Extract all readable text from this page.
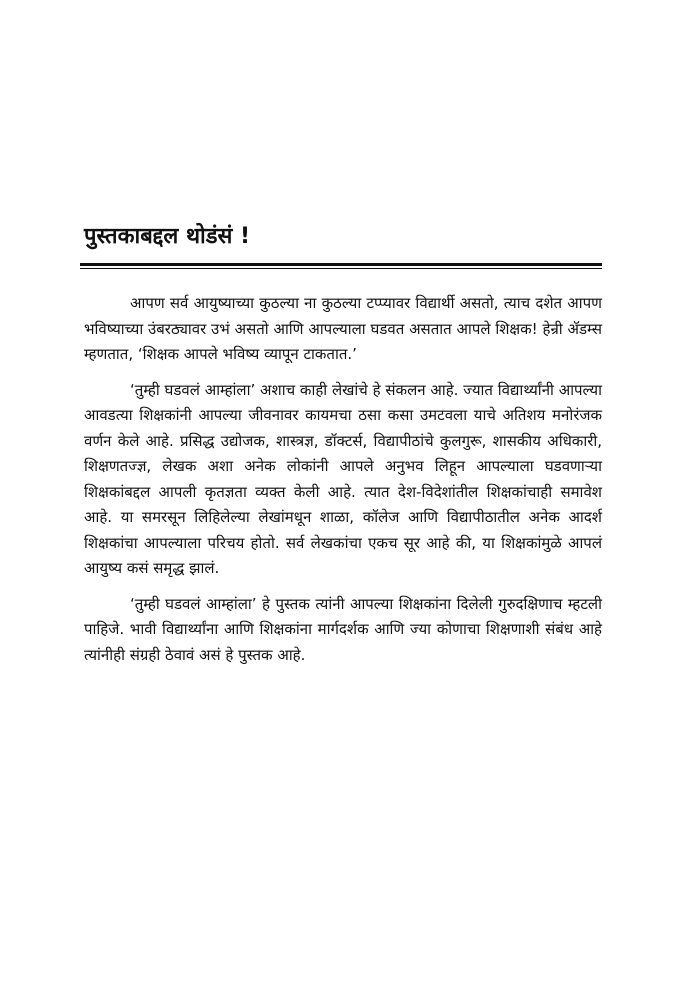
पुस्तकाबद्दल थोडंसं !

आपण सर्व आयुष्याच्या कुठल्या ना कुठल्या टप्प्यावर विद्यार्थी असतो, त्याच दशेत आपण भविष्याच्या उंबरठ्यावर उभं असतो आणि आपल्याला घडवत असतात आपले शिक्षक! हेन्री ॲडम्स म्हणतात, ‘शिक्षक आपले भविष्य व्यापून टाकतात.’

‘तुम्ही घडवलं आम्हांला’ अशाच काही लेखांचे हे संकलन आहे. ज्यात विद्यार्थ्यांनी आपल्या आवडत्या शिक्षकांनी आपल्या जीवनावर कायमचा ठसा कसा उमटवला याचे अतिशय मनोरंजक वर्णन केले आहे. प्रसिद्ध उद्योजक, शास्त्रज्ञ, डॉक्टर्स, विद्यापीठांचे कुलगुरू, शासकीय अधिकारी, शिक्षणतज्ज्ञ, लेखक अशा अनेक लोकांनी आपले अनुभव लिहून आपल्याला घडवणाऱ्या शिक्षकांबद्दल आपली कृतज्ञता व्यक्त केली आहे. त्यात देश-विदेशांतील शिक्षकांचाही समावेश आहे. या समरसून लिहिलेल्या लेखांमधून शाळा, कॉलेज आणि विद्यापीठातील अनेक आदर्श शिक्षकांचा आपल्याला परिचय होतो. सर्व लेखकांचा एकच सूर आहे की, या शिक्षकांमुळे आपलं आयुष्य कसं समृद्ध झालं.

‘तुम्ही घडवलं आम्हांला’ हे पुस्तक त्यांनी आपल्या शिक्षकांना दिलेली गुरुदक्षिणाच म्हटली पाहिजे. भावी विद्यार्थ्यांना आणि शिक्षकांना मार्गदर्शक आणि ज्या कोणाचा शिक्षणाशी संबंध आहे त्यांनीही संग्रही ठेवावं असं हे पुस्तक आहे.
